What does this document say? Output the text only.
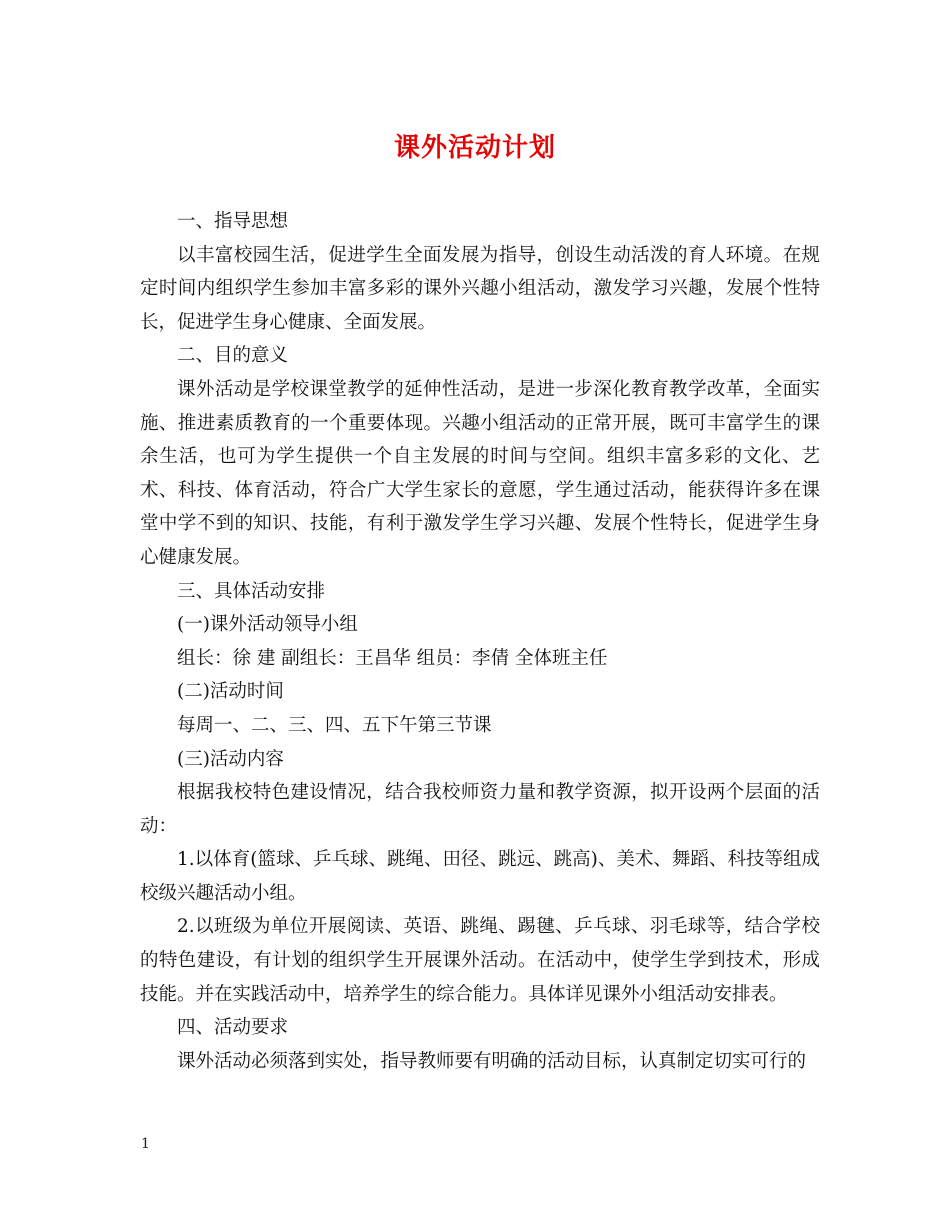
课外活动计划

一、指导思想

以丰富校园生活，促进学生全面发展为指导，创设生动活泼的育人环境。在规定时间内组织学生参加丰富多彩的课外兴趣小组活动，激发学习兴趣，发展个性特长，促进学生身心健康、全面发展。

二、目的意义

课外活动是学校课堂教学的延伸性活动，是进一步深化教育教学改革，全面实施、推进素质教育的一个重要体现。兴趣小组活动的正常开展，既可丰富学生的课余生活，也可为学生提供一个自主发展的时间与空间。组织丰富多彩的文化、艺术、科技、体育活动，符合广大学生家长的意愿，学生通过活动，能获得许多在课堂中学不到的知识、技能，有利于激发学生学习兴趣、发展个性特长，促进学生身心健康发展。

三、具体活动安排

(一)课外活动领导小组

组长：徐 建 副组长：王昌华 组员：李倩 全体班主任

(二)活动时间

每周一、二、三、四、五下午第三节课

(三)活动内容

根据我校特色建设情况，结合我校师资力量和教学资源，拟开设两个层面的活动：

1.以体育(篮球、乒乓球、跳绳、田径、跳远、跳高)、美术、舞蹈、科技等组成校级兴趣活动小组。

2.以班级为单位开展阅读、英语、跳绳、踢毽、乒乓球、羽毛球等，结合学校的特色建设，有计划的组织学生开展课外活动。在活动中，使学生学到技术，形成技能。并在实践活动中，培养学生的综合能力。具体详见课外小组活动安排表。

四、活动要求

课外活动必须落到实处，指导教师要有明确的活动目标，认真制定切实可行的

1
